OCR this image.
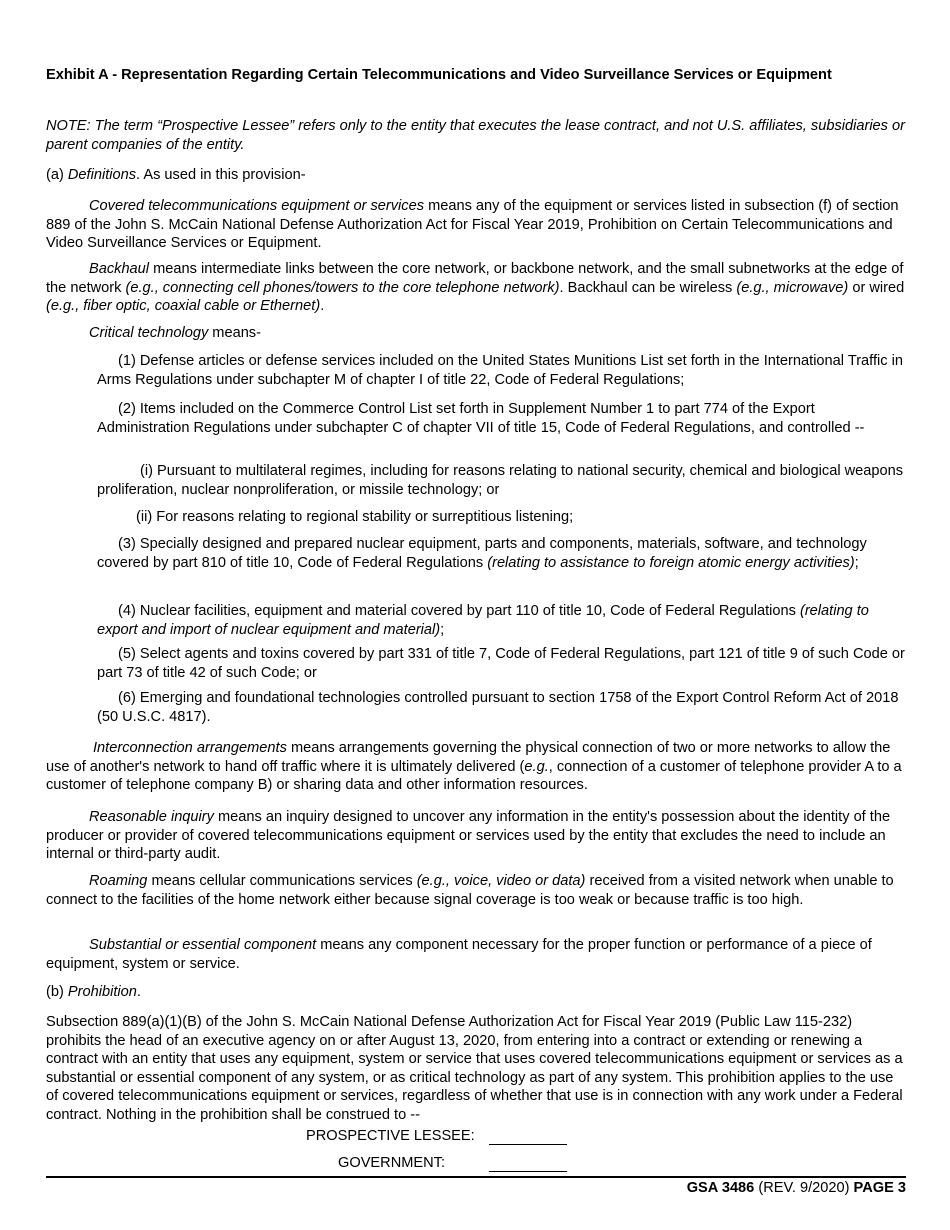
Exhibit A - Representation Regarding Certain Telecommunications and Video Surveillance Services or Equipment

NOTE: The term “Prospective Lessee” refers only to the entity that executes the lease contract, and not U.S. affiliates, subsidiaries or parent companies of the entity.

(a) Definitions. As used in this provision-

Covered telecommunications equipment or services means any of the equipment or services listed in subsection (f) of section 889 of the John S. McCain National Defense Authorization Act for Fiscal Year 2019, Prohibition on Certain Telecommunications and Video Surveillance Services or Equipment.

Backhaul means intermediate links between the core network, or backbone network, and the small subnetworks at the edge of the network (e.g., connecting cell phones/towers to the core telephone network). Backhaul can be wireless (e.g., microwave) or wired (e.g., fiber optic, coaxial cable or Ethernet).

Critical technology means-

(1) Defense articles or defense services included on the United States Munitions List set forth in the International Traffic in Arms Regulations under subchapter M of chapter I of title 22, Code of Federal Regulations;

(2) Items included on the Commerce Control List set forth in Supplement Number 1 to part 774 of the Export Administration Regulations under subchapter C of chapter VII of title 15, Code of Federal Regulations, and controlled --

(i) Pursuant to multilateral regimes, including for reasons relating to national security, chemical and biological weapons proliferation, nuclear nonproliferation, or missile technology; or

(ii) For reasons relating to regional stability or surreptitious listening;

(3) Specially designed and prepared nuclear equipment, parts and components, materials, software, and technology covered by part 810 of title 10, Code of Federal Regulations (relating to assistance to foreign atomic energy activities);

(4) Nuclear facilities, equipment and material covered by part 110 of title 10, Code of Federal Regulations (relating to export and import of nuclear equipment and material);

(5) Select agents and toxins covered by part 331 of title 7, Code of Federal Regulations, part 121 of title 9 of such Code or part 73 of title 42 of such Code; or

(6) Emerging and foundational technologies controlled pursuant to section 1758 of the Export Control Reform Act of 2018 (50 U.S.C. 4817).

Interconnection arrangements means arrangements governing the physical connection of two or more networks to allow the use of another's network to hand off traffic where it is ultimately delivered (e.g., connection of a customer of telephone provider A to a customer of telephone company B) or sharing data and other information resources.

Reasonable inquiry means an inquiry designed to uncover any information in the entity's possession about the identity of the producer or provider of covered telecommunications equipment or services used by the entity that excludes the need to include an internal or third-party audit.

Roaming means cellular communications services (e.g., voice, video or data) received from a visited network when unable to connect to the facilities of the home network either because signal coverage is too weak or because traffic is too high.

Substantial or essential component means any component necessary for the proper function or performance of a piece of equipment, system or service.

(b) Prohibition.

Subsection 889(a)(1)(B) of the John S. McCain National Defense Authorization Act for Fiscal Year 2019 (Public Law 115-232) prohibits the head of an executive agency on or after August 13, 2020, from entering into a contract or extending or renewing a contract with an entity that uses any equipment, system or service that uses covered telecommunications equipment or services as a substantial or essential component of any system, or as critical technology as part of any system. This prohibition applies to the use of covered telecommunications equipment or services, regardless of whether that use is in connection with any work under a Federal contract. Nothing in the prohibition shall be construed to --

PROSPECTIVE LESSEE:
GOVERNMENT:
GSA 3486 (REV. 9/2020) PAGE 3
